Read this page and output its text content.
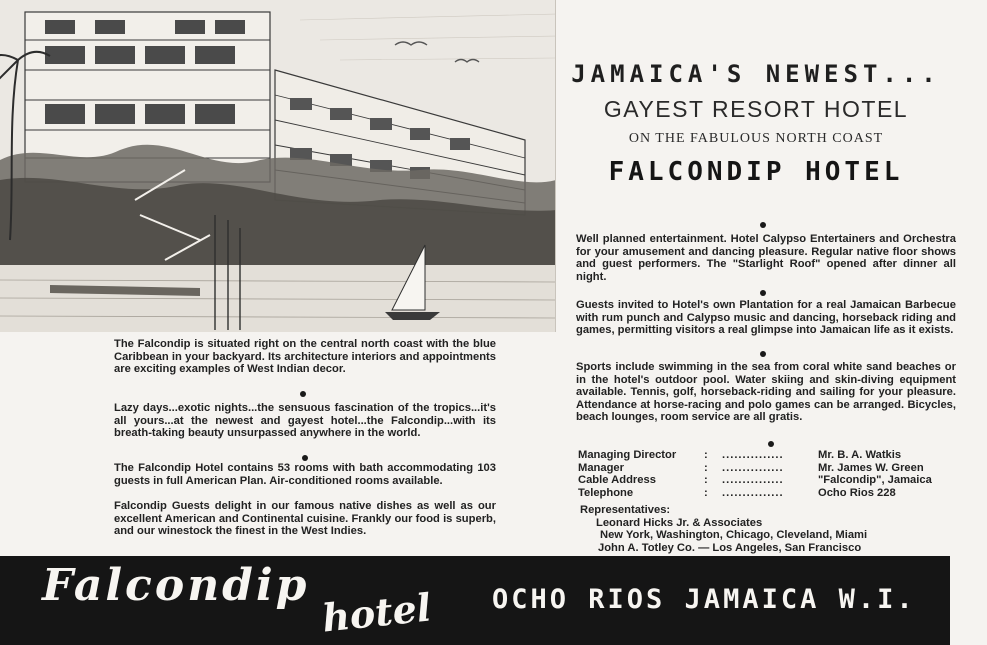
JAMAICA'S NEWEST...
GAYEST RESORT HOTEL
ON THE FABULOUS NORTH COAST
FALCONDIP HOTEL
Well planned entertainment. Hotel Calypso Entertainers and Orchestra for your amusement and dancing pleasure. Regular native floor shows and guest performers. The "Starlight Roof" opened after dinner all night.
Guests invited to Hotel's own Plantation for a real Jamaican Barbecue with rum punch and Calypso music and dancing, horseback riding and games, permitting visitors a real glimpse into Jamaican life as it exists.
Sports include swimming in the sea from coral white sand beaches or in the hotel's outdoor pool. Water skiing and skin-diving equipment available. Tennis, golf, horseback-riding and sailing for your pleasure. Attendance at horse-racing and polo games can be arranged. Bicycles, beach lounges, room service are all gratis.
The Falcondip is situated right on the central north coast with the blue Caribbean in your backyard. Its architecture interiors and appointments are exciting examples of West Indian decor.
Lazy days...exotic nights...the sensuous fascination of the tropics...it's all yours...at the newest and gayest hotel...the Falcondip...with its breath-taking beauty unsurpassed anywhere in the world.
The Falcondip Hotel contains 53 rooms with bath accommodating 103 guests in full American Plan. Air-conditioned rooms available.
Falcondip Guests delight in our famous native dishes as well as our excellent American and Continental cuisine. Frankly our food is superb, and our winestock the finest in the West Indies.
Managing Director	:	...............	Mr. B. A. Watkis
Manager	:	...............	Mr. James W. Green
Cable Address	:	...............	"Falcondip", Jamaica
Telephone	:	...............	Ocho Rios 228
Representatives:
Leonard Hicks Jr. & Associates
New York, Washington, Chicago, Cleveland, Miami
John A. Totley Co. — Los Angeles, San Francisco
Falcondip hotel OCHO RIOS JAMAICA W.I.
